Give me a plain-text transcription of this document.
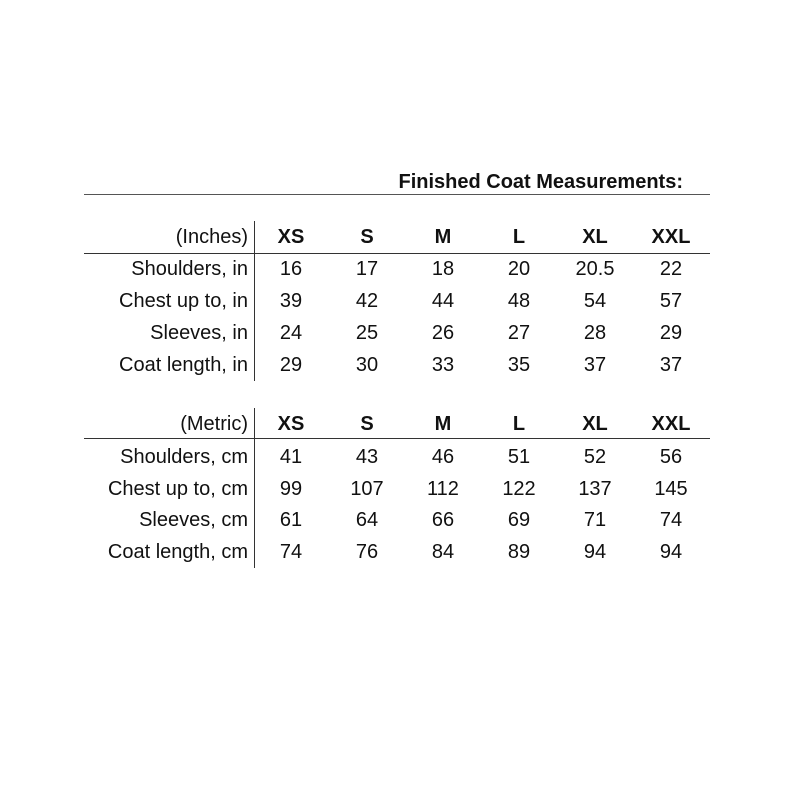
Finished Coat Measurements:
(Inches)	XS	S	M	L	XL	XXL
Shoulders, in	16	17	18	20	20.5	22
Chest up to, in	39	42	44	48	54	57
Sleeves, in	24	25	26	27	28	29
Coat length, in	29	30	33	35	37	37
(Metric)	XS	S	M	L	XL	XXL
Shoulders, cm	41	43	46	51	52	56
Chest up to, cm	99	107	112	122	137	145
Sleeves, cm	61	64	66	69	71	74
Coat length, cm	74	76	84	89	94	94
